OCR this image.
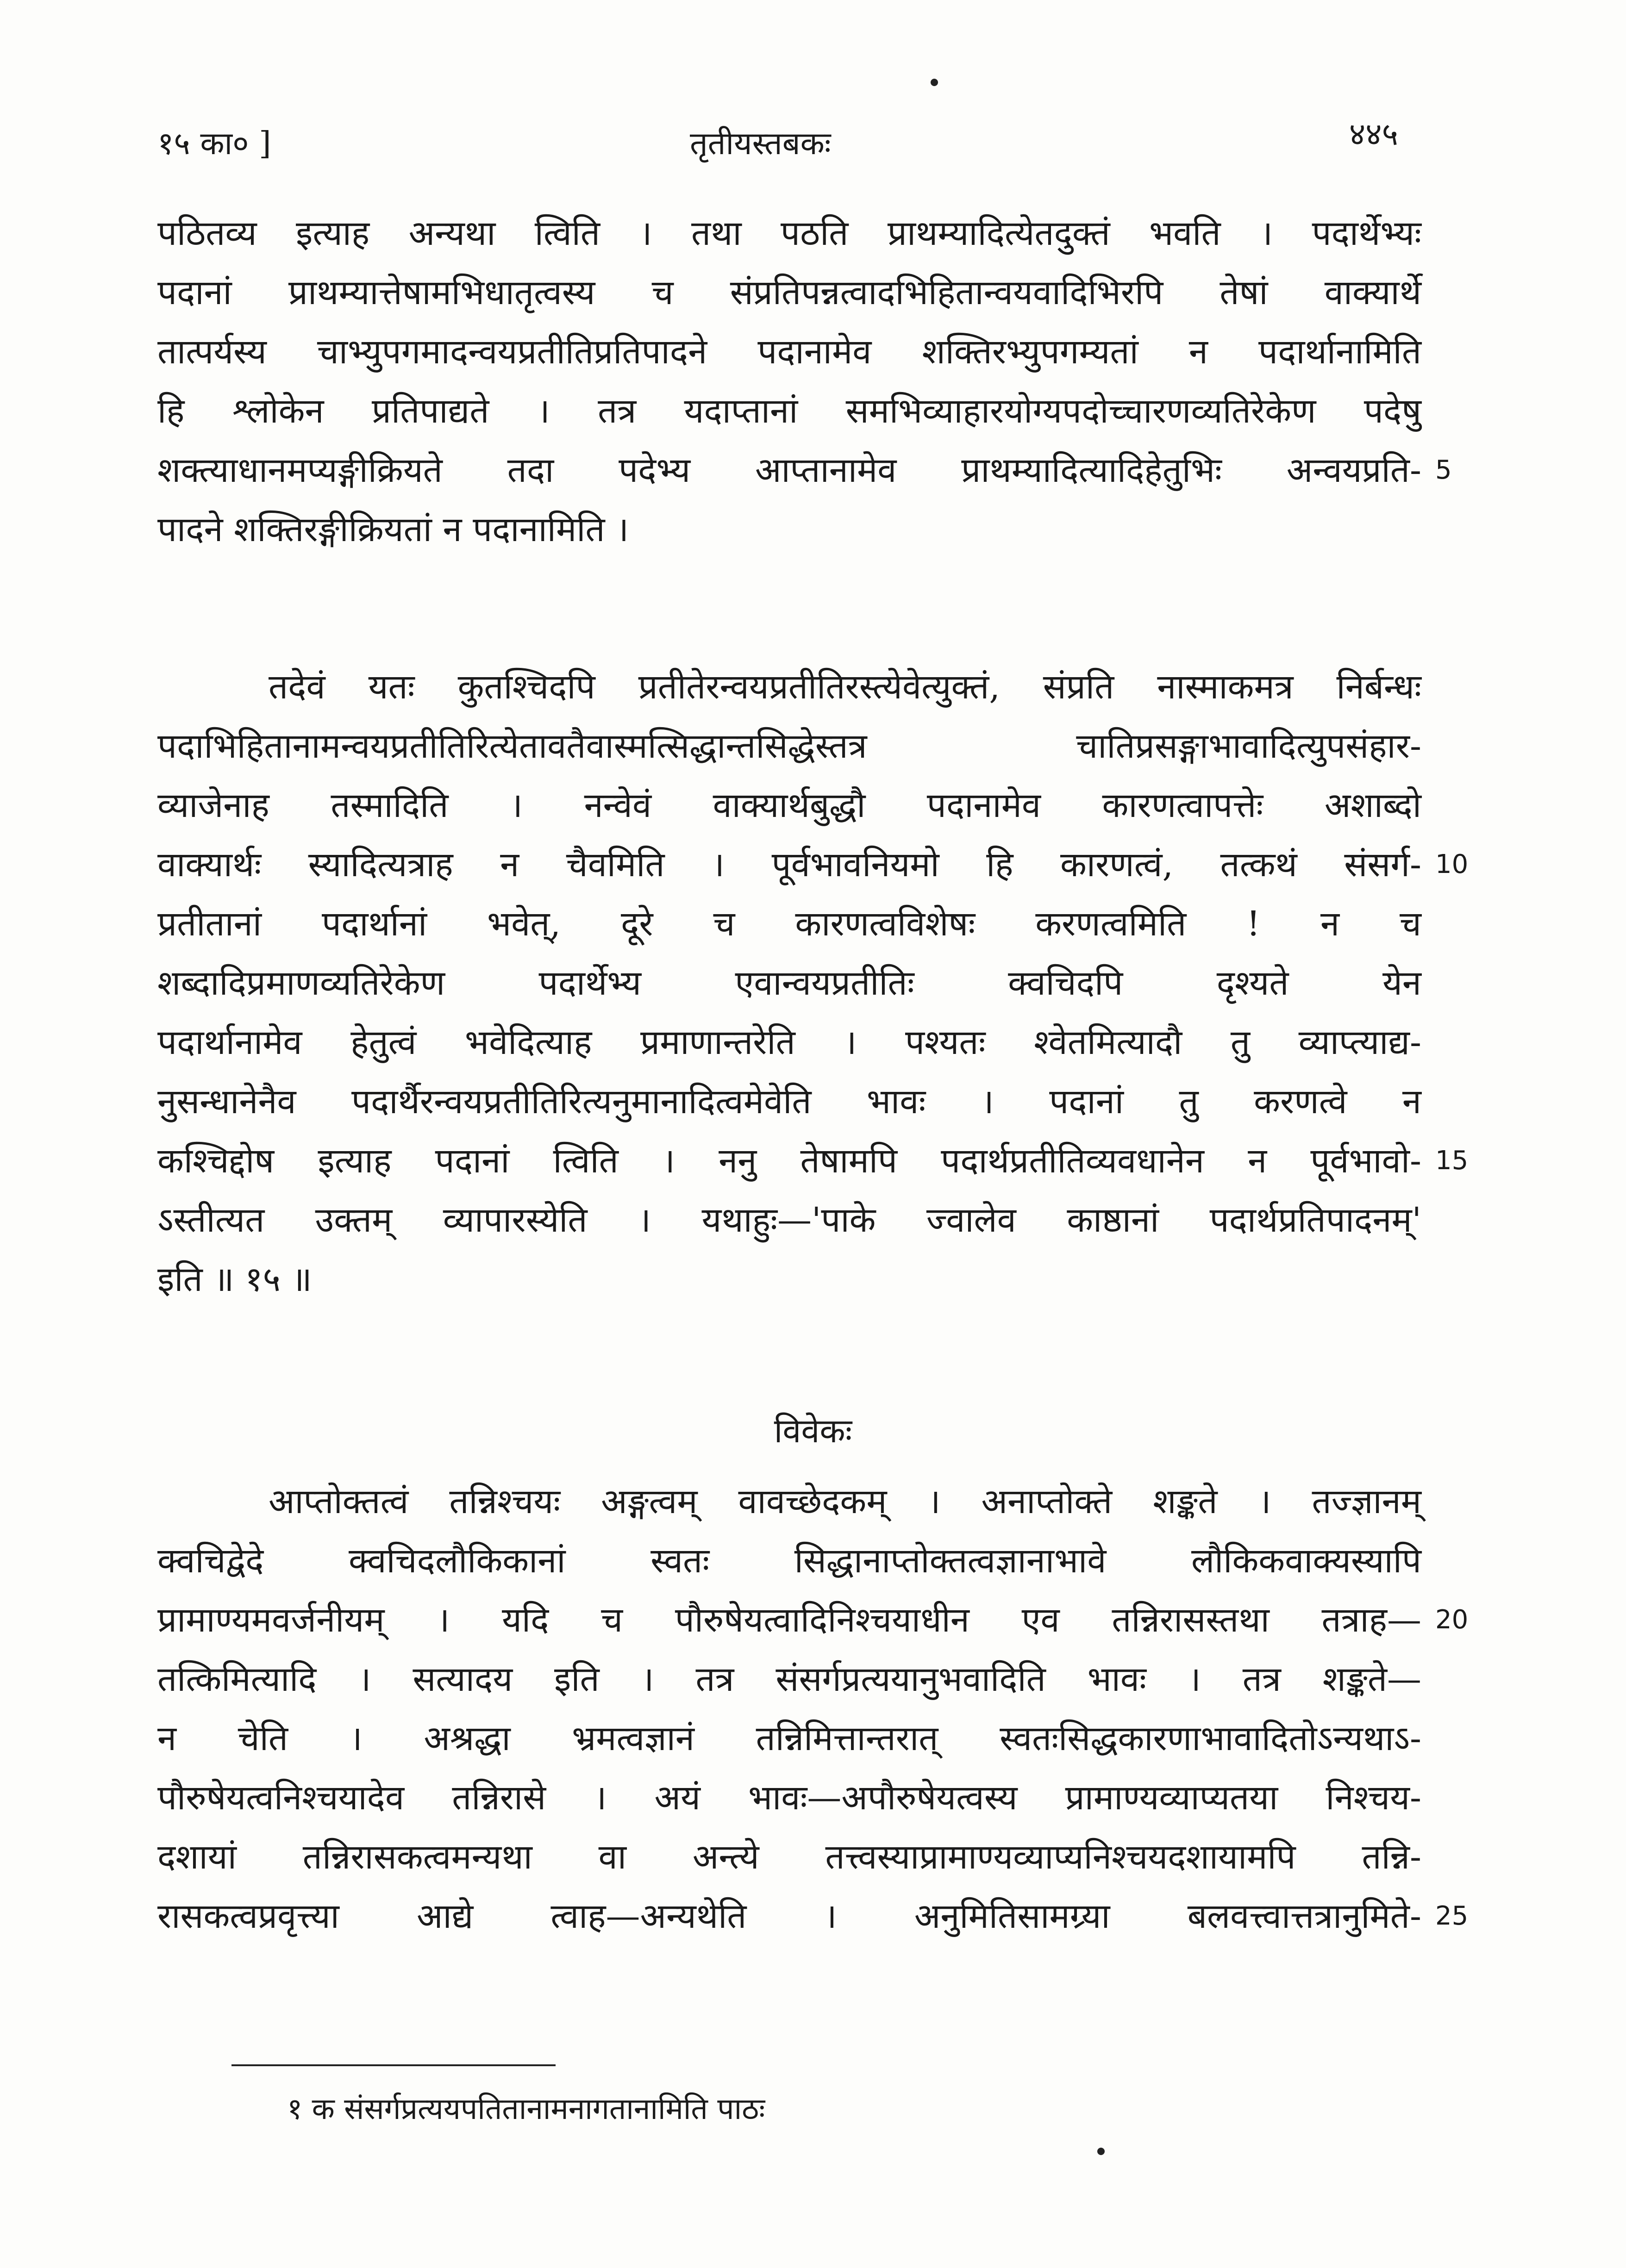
१५ का० ]	तृतीयस्तबकः	४४५
पठितव्य इत्याह अन्यथा त्विति । तथा पठति प्राथम्यादित्येतदुक्तं भवति । पदार्थेभ्यः
पदानां प्राथम्यात्तेषामभिधातृत्वस्य च संप्रतिपन्नत्वादभिहितान्वयवादिभिरपि तेषां वाक्यार्थे
तात्पर्यस्य चाभ्युपगमादन्वयप्रतीतिप्रतिपादने पदानामेव शक्तिरभ्युपगम्यतां न पदार्थानामिति
हि श्लोकेन प्रतिपाद्यते । तत्र यदाप्तानां समभिव्याहारयोग्यपदोच्चारणव्यतिरेकेण पदेषु
शक्त्याधानमप्यङ्गीक्रियते तदा पदेभ्य आप्तानामेव प्राथम्यादित्यादिहेतुभिः अन्वयप्रति- 5
पादने शक्तिरङ्गीक्रियतां न पदानामिति ।
तदेवं यतः कुतश्चिदपि प्रतीतेरन्वयप्रतीतिरस्त्येवेत्युक्तं, संप्रति नास्माकमत्र निर्बन्धः
पदाभिहितानामन्वयप्रतीतिरित्येतावतैवास्मत्सिद्धान्तसिद्धेस्तत्र चातिप्रसङ्गाभावादित्युपसंहार-
व्याजेनाह तस्मादिति । नन्वेवं वाक्यार्थबुद्धौ पदानामेव कारणत्वापत्तेः अशाब्दो
वाक्यार्थः स्यादित्यत्राह न चैवमिति । पूर्वभावनियमो हि कारणत्वं, तत्कथं संसर्ग- 10
प्रतीतानां पदार्थानां भवेत्, दूरे च कारणत्वविशेषः करणत्वमिति ! न च
शब्दादिप्रमाणव्यतिरेकेण पदार्थेभ्य एवान्वयप्रतीतिः क्वचिदपि दृश्यते येन
पदार्थानामेव हेतुत्वं भवेदित्याह प्रमाणान्तरेति । पश्यतः श्वेतमित्यादौ तु व्याप्त्याद्य-
नुसन्धानेनैव पदार्थैरन्वयप्रतीतिरित्यनुमानादित्वमेवेति भावः । पदानां तु करणत्वे न
कश्चिद्दोष इत्याह पदानां त्विति । ननु तेषामपि पदार्थप्रतीतिव्यवधानेन न पूर्वभावो- 15
ऽस्तीत्यत उक्तम् व्यापारस्येति । यथाहुः—'पाके ज्वालेव काष्ठानां पदार्थप्रतिपादनम्'
इति ॥ १५ ॥
विवेकः
आप्तोक्तत्वं तन्निश्चयः अङ्गत्वम् वावच्छेदकम् । अनाप्तोक्ते शङ्कते । तज्ज्ञानम्
क्वचिद्वेदे क्वचिदलौकिकानां स्वतः सिद्धानाप्तोक्तत्वज्ञानाभावे लौकिकवाक्यस्यापि
प्रामाण्यमवर्जनीयम् । यदि च पौरुषेयत्वादिनिश्चयाधीन एव तन्निरासस्तथा तत्राह— 20
तत्किमित्यादि । सत्यादय इति । तत्र संसर्गप्रत्ययानुभवादिति भावः । तत्र शङ्कते—
न चेति । अश्रद्धा भ्रमत्वज्ञानं तन्निमित्तान्तरात् स्वतःसिद्धकारणाभावादितोऽन्यथाऽ-
पौरुषेयत्वनिश्चयादेव तन्निरासे । अयं भावः—अपौरुषेयत्वस्य प्रामाण्यव्याप्यतया निश्चय-
दशायां तन्निरासकत्वमन्यथा वा अन्त्ये तत्त्वस्याप्रामाण्यव्याप्यनिश्चयदशायामपि तन्नि-
रासकत्वप्रवृत्त्या आद्ये त्वाह—अन्यथेति । अनुमितिसामग्र्या बलवत्त्वात्तत्रानुमिते- 25
१ क संसर्गप्रत्ययपतितानामनागतानामिति पाठः
